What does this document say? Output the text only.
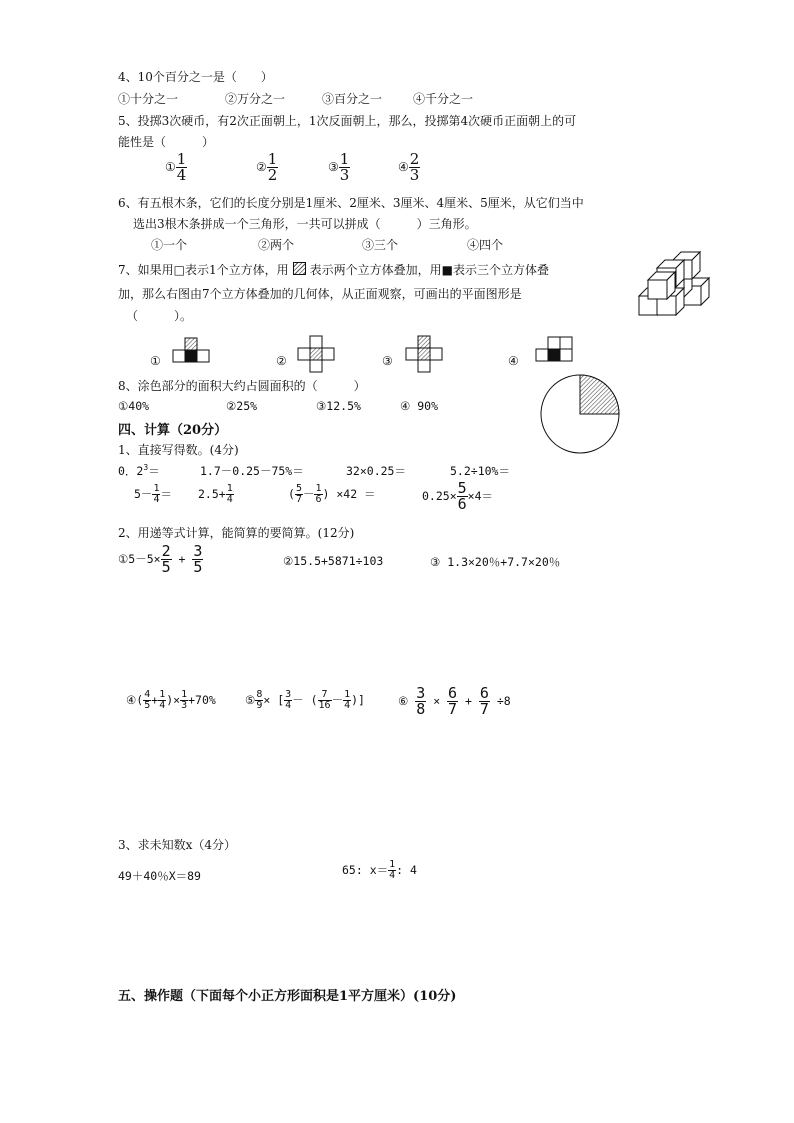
4、10个百分之一是（　　）
①十分之一	②万分之一	③百分之一	④千分之一
5、投掷3次硬币，有2次正面朝上，1次反面朝上，那么，投掷第4次硬币正面朝上的可
能性是（　　　）
① $\frac{1}{4}$	② $\frac{1}{2}$	③ $\frac{1}{3}$	④ $\frac{2}{3}$
6、有五根木条，它们的长度分别是1厘米、2厘米、3厘米、4厘米、5厘米，从它们当中
选出3根木条拼成一个三角形，一共可以拼成（　　　）三角形。
①一个	②两个	③三个	④四个
7、如果用□表示1个立方体，用 表示两个立方体叠加，用■表示三个立方体叠
加，那么右图由7个立方体叠加的几何体，从正面观察，可画出的平面图形是
（　　　）。
①	②	③	④
8、涂色部分的面积大约占圆面积的（　　　）
①40%	②25%	③12.5%	④ 90%
四、计算（20分）
1、直接写得数。(4分)
0．$2^3=$	1.7－0.25－75%＝	32×0.25＝	5.2÷10%＝
$5- \frac{1}{4} = 2.5+ \frac{1}{4}$	( $\frac{5}{7} - \frac{1}{6}$ ) ×42 ＝	$0.25\times \frac{5}{6} \times 4=$
2、用递等式计算，能简算的要简算。(12分)
①5－5× $\frac{2}{5} + \frac{3}{5}$	②15.5+5871÷103	③ 1.3×20％+7.7×20％
④( $\frac{4}{5} + \frac{1}{4}$ )× $\frac{1}{3} +70\%$	⑤ $\frac{8}{9}$ × [ $\frac{3}{4}$ － ( $\frac{7}{16} - \frac{1}{4}$ )]	⑥ $\frac{3}{8} \times \frac{6}{7} + \frac{6}{7} \div 8$
3、求未知数x（4分）
49＋40％X＝89	65: $x= \frac{1}{4}$ : 4
五、操作题（下面每个小正方形面积是1平方厘米）(10分)
